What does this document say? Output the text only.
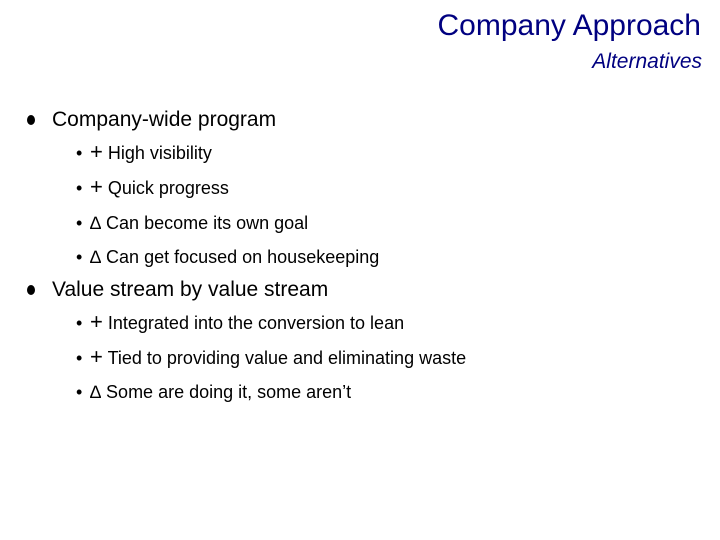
Company Approach
Alternatives
Company-wide program
• + High visibility
• + Quick progress
• ∆ Can become its own goal
• ∆ Can get focused on housekeeping
Value stream by value stream
• + Integrated into the conversion to lean
• + Tied to providing value and eliminating waste
• ∆ Some are doing it, some aren’t
